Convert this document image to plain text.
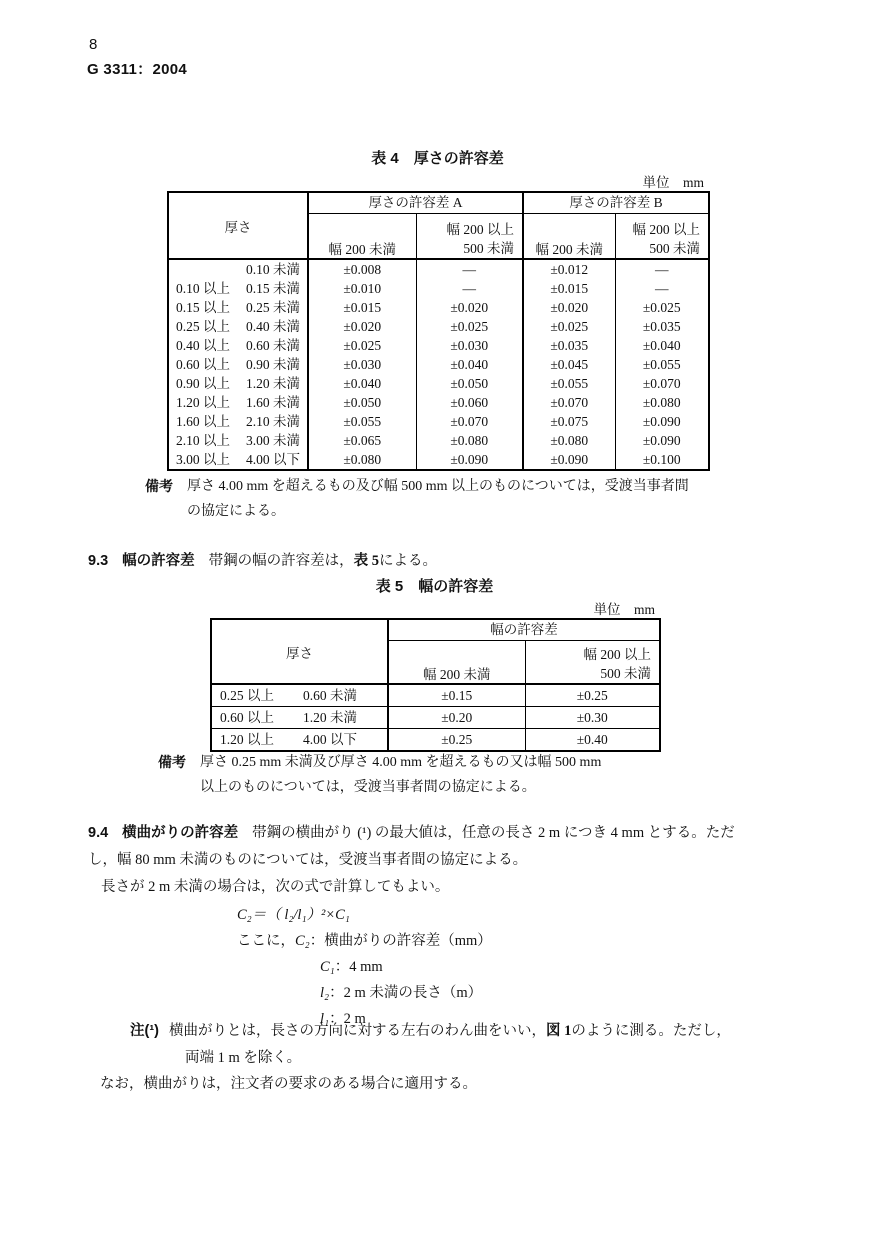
8
G 3311：2004
表 4　厚さの許容差
単位　mm
厚さ	厚さの許容差 A		厚さの許容差 B	
	幅 200 未満	幅 200 以上
500 未満	幅 200 未満	幅 200 以上
500 未満

0.10 未満	±0.008	—	±0.012	—

0.10 以上 0.15 未満	±0.010	—	±0.015	—

0.15 以上 0.25 未満	±0.015	±0.020	±0.020	±0.025

0.25 以上 0.40 未満	±0.020	±0.025	±0.025	±0.035

0.40 以上 0.60 未満	±0.025	±0.030	±0.035	±0.040

0.60 以上 0.90 未満	±0.030	±0.040	±0.045	±0.055

0.90 以上 1.20 未満	±0.040	±0.050	±0.055	±0.070

1.20 以上 1.60 未満	±0.050	±0.060	±0.070	±0.080

1.60 以上 2.10 未満	±0.055	±0.070	±0.075	±0.090

2.10 以上 3.00 未満	±0.065	±0.080	±0.080	±0.090

3.00 以上 4.00 以下	±0.080	±0.090	±0.090	±0.100
備考 厚さ 4.00 mm を超えるもの及び幅 500 mm 以上のものについては，受渡当事者間
の協定による。
9.3 幅の許容差 帯鋼の幅の許容差は，表 5による。
表 5　幅の許容差
単位　mm
厚さ	幅の許容差	
	幅 200 未満	幅 200 以上
500 未満

0.25 以上 0.60 未満	±0.15	±0.25

0.60 以上 1.20 未満	±0.20	±0.30

1.20 以上 4.00 以下	±0.25	±0.40
備考 厚さ 0.25 mm 未満及び厚さ 4.00 mm を超えるもの又は幅 500 mm
以上のものについては，受渡当事者間の協定による。
9.4 横曲がりの許容差 帯鋼の横曲がり (¹) の最大値は，任意の長さ 2 m につき 4 mm とする。ただ
し，幅 80 mm 未満のものについては，受渡当事者間の協定による。
長さが 2 m 未満の場合は，次の式で計算してもよい。
C₂＝（ l₂/l₁）²×C₁
ここに，C₂：横曲がりの許容差（mm）
C₁：4 mm
l₂：2 m 未満の長さ（m）
l₁：2 m
注(¹) 横曲がりとは，長さの方向に対する左右のわん曲をいい，図 1のように測る。ただし，
両端 1 m を除く。
なお，横曲がりは，注文者の要求のある場合に適用する。
